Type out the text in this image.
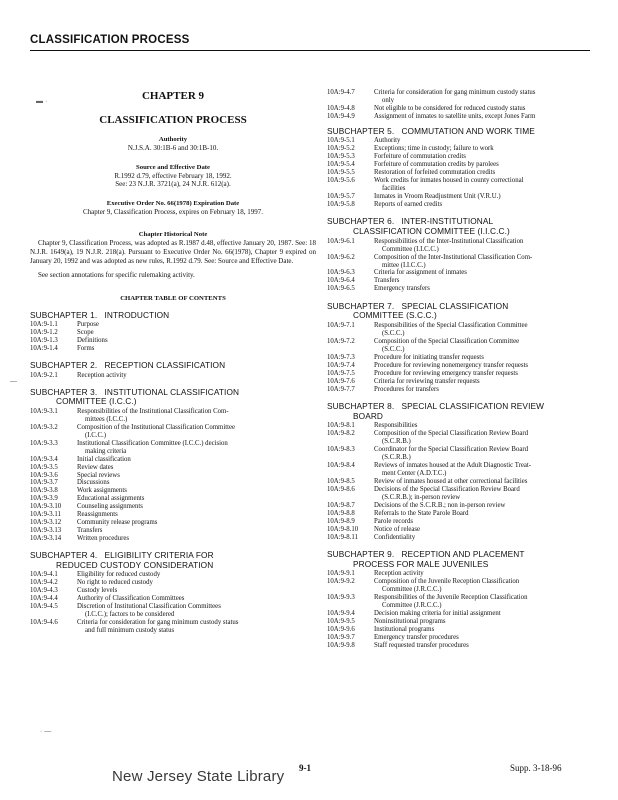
CLASSIFICATION PROCESS
CHAPTER 9
CLASSIFICATION PROCESS
Authority
N.J.S.A. 30:1B-6 and 30:1B-10.
Source and Effective Date
R.1992 d.79, effective February 18, 1992.
See: 23 N.J.R. 3721(a), 24 N.J.R. 612(a).
Executive Order No. 66(1978) Expiration Date
Chapter 9, Classification Process, expires on February 18, 1997.
Chapter Historical Note

Chapter 9, Classification Process, was adopted as R.1987 d.48, effective January 20, 1987. See: 18 N.J.R. 1649(a), 19 N.J.R. 218(a). Pursuant to Executive Order No. 66(1978), Chapter 9 expired on January 20, 1992 and was adopted as new rules, R.1992 d.79. See: Source and Effective Date.

See section annotations for specific rulemaking activity.
CHAPTER TABLE OF CONTENTS
SUBCHAPTER 1.   INTRODUCTION
10A:9-1.1	Purpose
10A:9-1.2	Scope
10A:9-1.3	Definitions
10A:9-1.4	Forms
SUBCHAPTER 2.   RECEPTION CLASSIFICATION
10A:9-2.1	Reception activity
SUBCHAPTER 3.   INSTITUTIONAL CLASSIFICATION
COMMITTEE (I.C.C.)
10A:9-3.1	Responsibilities of the Institutional Classification Com-
mittees (I.C.C.)
10A:9-3.2	Composition of the Institutional Classification Committee
(I.C.C.)
10A:9-3.3	Institutional Classification Committee (I.C.C.) decision
making criteria
10A:9-3.4	Initial classification
10A:9-3.5	Review dates
10A:9-3.6	Special reviews
10A:9-3.7	Discussions
10A:9-3.8	Work assignments
10A:9-3.9	Educational assignments
10A:9-3.10	Counseling assignments
10A:9-3.11	Reassignments
10A:9-3.12	Community release programs
10A:9-3.13	Transfers
10A:9-3.14	Written procedures
SUBCHAPTER 4.   ELIGIBILITY CRITERIA FOR
REDUCED CUSTODY CONSIDERATION
10A:9-4.1	Eligibility for reduced custody
10A:9-4.2	No right to reduced custody
10A:9-4.3	Custody levels
10A:9-4.4	Authority of Classification Committees
10A:9-4.5	Discretion of Institutional Classification Committees
(I.C.C.); factors to be considered
10A:9-4.6	Criteria for consideration for gang minimum custody status
and full minimum custody status
10A:9-4.7	Criteria for consideration for gang minimum custody status
only
10A:9-4.8	Not eligible to be considered for reduced custody status
10A:9-4.9	Assignment of inmates to satellite units, except Jones Farm
SUBCHAPTER 5.   COMMUTATION AND WORK TIME
10A:9-5.1	Authority
10A:9-5.2	Exceptions; time in custody; failure to work
10A:9-5.3	Forfeiture of commutation credits
10A:9-5.4	Forfeiture of commutation credits by parolees
10A:9-5.5	Restoration of forfeited commutation credits
10A:9-5.6	Work credits for inmates housed in county correctional
facilities
10A:9-5.7	Inmates in Vroom Readjustment Unit (V.R.U.)
10A:9-5.8	Reports of earned credits
SUBCHAPTER 6.   INTER-INSTITUTIONAL
CLASSIFICATION COMMITTEE (I.I.C.C.)
10A:9-6.1	Responsibilities of the Inter-Institutional Classification
Committee (I.I.C.C.)
10A:9-6.2	Composition of the Inter-Institutional Classification Com-
mittee (I.I.C.C.)
10A:9-6.3	Criteria for assignment of inmates
10A:9-6.4	Transfers
10A:9-6.5	Emergency transfers
SUBCHAPTER 7.   SPECIAL CLASSIFICATION
COMMITTEE (S.C.C.)
10A:9-7.1	Responsibilities of the Special Classification Committee
(S.C.C.)
10A:9-7.2	Composition of the Special Classification Committee
(S.C.C.)
10A:9-7.3	Procedure for initiating transfer requests
10A:9-7.4	Procedure for reviewing nonemergency transfer requests
10A:9-7.5	Procedure for reviewing emergency transfer requests
10A:9-7.6	Criteria for reviewing transfer requests
10A:9-7.7	Procedures for transfers
SUBCHAPTER 8.   SPECIAL CLASSIFICATION REVIEW
BOARD
10A:9-8.1	Responsibilities
10A:9-8.2	Composition of the Special Classification Review Board
(S.C.R.B.)
10A:9-8.3	Coordinator for the Special Classification Review Board
(S.C.R.B.)
10A:9-8.4	Reviews of inmates housed at the Adult Diagnostic Treat-
ment Center (A.D.T.C.)
10A:9-8.5	Review of inmates housed at other correctional facilities
10A:9-8.6	Decisions of the Special Classification Review Board
(S.C.R.B.); in-person review
10A:9-8.7	Decisions of the S.C.R.B.; non in-person review
10A:9-8.8	Referrals to the State Parole Board
10A:9-8.9	Parole records
10A:9-8.10	Notice of release
10A:9-8.11	Confidentiality
SUBCHAPTER 9.   RECEPTION AND PLACEMENT
PROCESS FOR MALE JUVENILES
10A:9-9.1	Reception activity
10A:9-9.2	Composition of the Juvenile Reception Classification
Committee (J.R.C.C.)
10A:9-9.3	Responsibilities of the Juvenile Reception Classification
Committee (J.R.C.C.)
10A:9-9.4	Decision making criteria for initial assignment
10A:9-9.5	Noninstitutional programs
10A:9-9.6	Institutional programs
10A:9-9.7	Emergency transfer procedures
10A:9-9.8	Staff requested transfer procedures
▬ ·
—
· —
New Jersey State Library 9-1	Supp. 3-18-96
